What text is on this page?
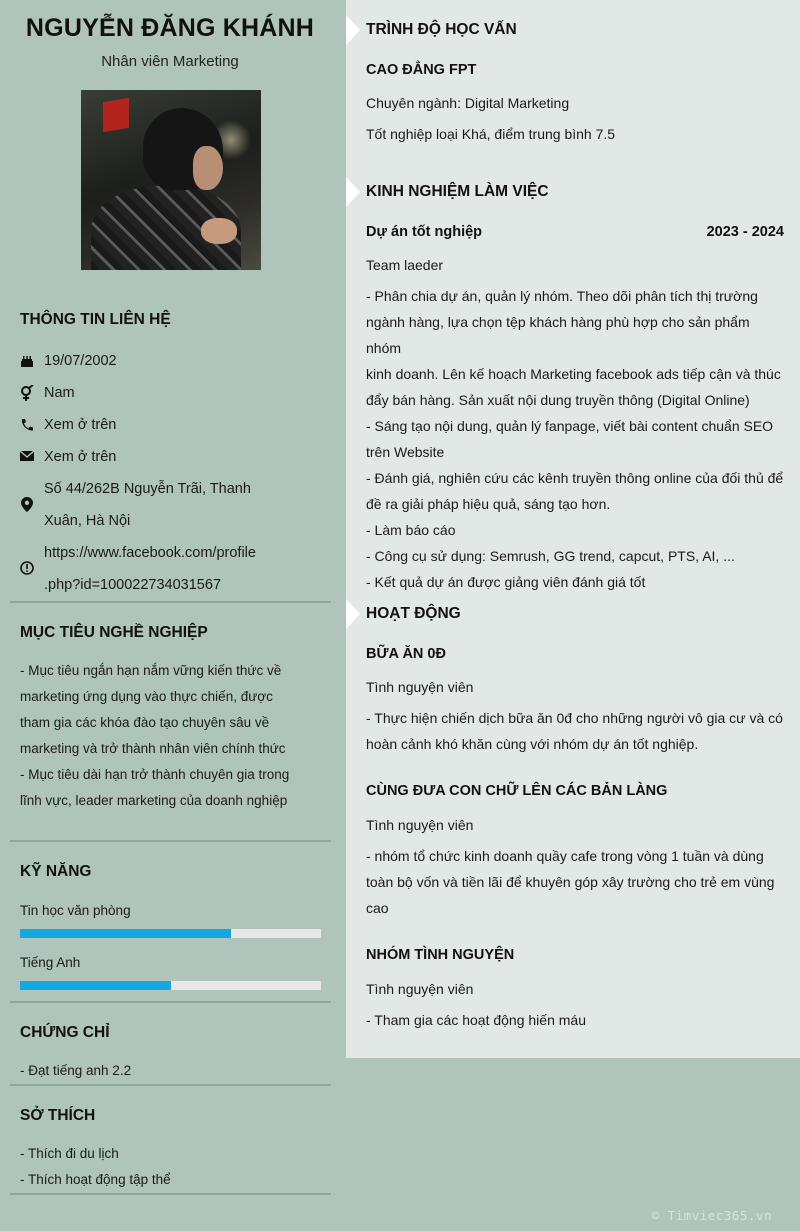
NGUYỄN ĐĂNG KHÁNH
Nhân viên Marketing
THÔNG TIN LIÊN HỆ
19/07/2002
Nam
Xem ở trên
Xem ở trên
Số 44/262B Nguyễn Trãi, Thanh
Xuân, Hà Nội
https://www.facebook.com/profile
.php?id=100022734031567
MỤC TIÊU NGHỀ NGHIỆP
- Mục tiêu ngắn hạn nắm vững kiến thức về
marketing ứng dụng vào thực chiến, được
tham gia các khóa đào tạo chuyên sâu về
marketing và trở thành nhân viên chính thức
- Mục tiêu dài hạn trở thành chuyên gia trong
lĩnh vực, leader marketing của doanh nghiệp
KỸ NĂNG
Tin học văn phòng
Tiếng Anh
CHỨNG CHỈ
- Đạt tiếng anh 2.2
SỞ THÍCH
- Thích đi du lịch
- Thích hoạt động tập thể
TRÌNH ĐỘ HỌC VẤN
CAO ĐẲNG FPT
Chuyên ngành: Digital Marketing
Tốt nghiệp loại Khá, điểm trung bình 7.5
KINH NGHIỆM LÀM VIỆC
Dự án tốt nghiệp	2023 - 2024
Team laeder
- Phân chia dự án, quản lý nhóm. Theo dõi phân tích thị trường
ngành hàng, lựa chọn tệp khách hàng phù hợp cho sản phẩm nhóm
kinh doanh. Lên kế hoạch Marketing facebook ads tiếp cận và thúc
đẩy bán hàng. Sản xuất nội dung truyền thông (Digital Online)
- Sáng tạo nội dung, quản lý fanpage, viết bài content chuẩn SEO
trên Website
- Đánh giá, nghiên cứu các kênh truyền thông online của đối thủ để
đề ra giải pháp hiệu quả, sáng tạo hơn.
- Làm báo cáo
- Công cụ sử dụng: Semrush, GG trend, capcut, PTS, AI, ...
- Kết quả dự án được giảng viên đánh giá tốt
HOẠT ĐỘNG
BỮA ĂN 0Đ
Tình nguyện viên
- Thực hiện chiến dịch bữa ăn 0đ cho những người vô gia cư và có
hoàn cảnh khó khăn cùng với nhóm dự án tốt nghiệp.
CÙNG ĐƯA CON CHỮ LÊN CÁC BẢN LÀNG
Tình nguyện viên
- nhóm tổ chức kinh doanh quầy cafe trong vòng 1 tuần và dùng
toàn bộ vốn và tiền lãi để khuyên góp xây trường cho trẻ em vùng
cao
NHÓM TÌNH NGUYỆN
Tình nguyện viên
- Tham gia các hoạt động hiến máu
© Timviec365.vn
